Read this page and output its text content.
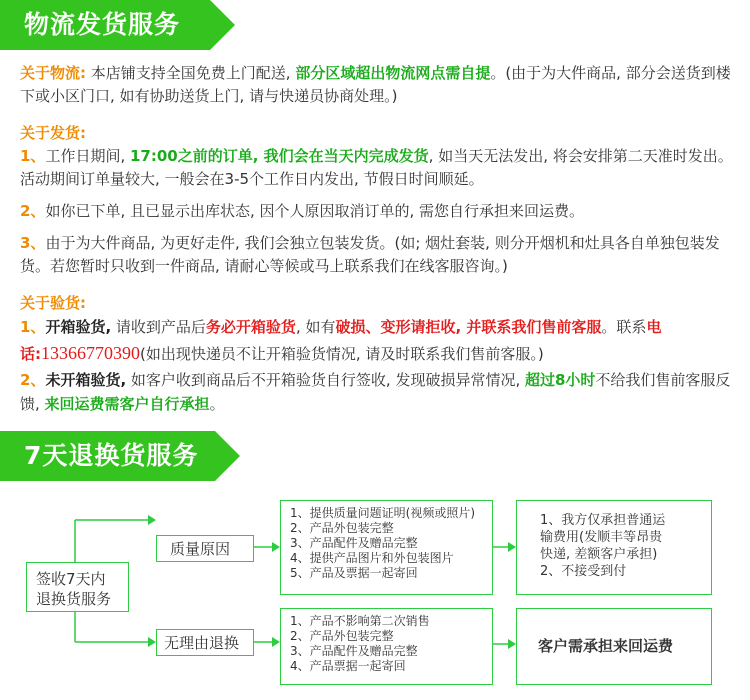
物流发货服务
关于物流: 本店铺支持全国免费上门配送, 部分区域超出物流网点需自提。(由于为大件商品, 部分会送货到楼下或小区门口, 如有协助送货上门, 请与快递员协商处理。)
关于发货:
1、工作日期间, 17:00之前的订单, 我们会在当天内完成发货, 如当天无法发出, 将会安排第二天准时发出。活动期间订单量较大, 一般会在3-5个工作日内发出, 节假日时间顺延。
2、如你已下单, 且已显示出库状态, 因个人原因取消订单的, 需您自行承担来回运费。
3、由于为大件商品, 为更好走件, 我们会独立包装发货。(如; 烟灶套装, 则分开烟机和灶具各自单独包装发货。若您暂时只收到一件商品, 请耐心等候或马上联系我们在线客服咨询。)
关于验货:
1、开箱验货, 请收到产品后务必开箱验货, 如有破损、变形请拒收, 并联系我们售前客服。联系电话:13366770390(如出现快递员不让开箱验货情况, 请及时联系我们售前客服。)
2、未开箱验货, 如客户收到商品后不开箱验货自行签收, 发现破损异常情况, 超过8小时不给我们售前客服反馈, 来回运费需客户自行承担。
7天退换货服务
签收7天内
退换货服务
质量原因
无理由退换
1、提供质量问题证明(视频或照片)
2、产品外包装完整
3、产品配件及赠品完整
4、提供产品图片和外包装图片
5、产品及票据一起寄回
1、产品不影响第二次销售
2、产品外包装完整
3、产品配件及赠品完整
4、产品票据一起寄回
1、我方仅承担普通运
输费用(发顺丰等昂贵
快递, 差额客户承担)
2、不接受到付
客户需承担来回运费
